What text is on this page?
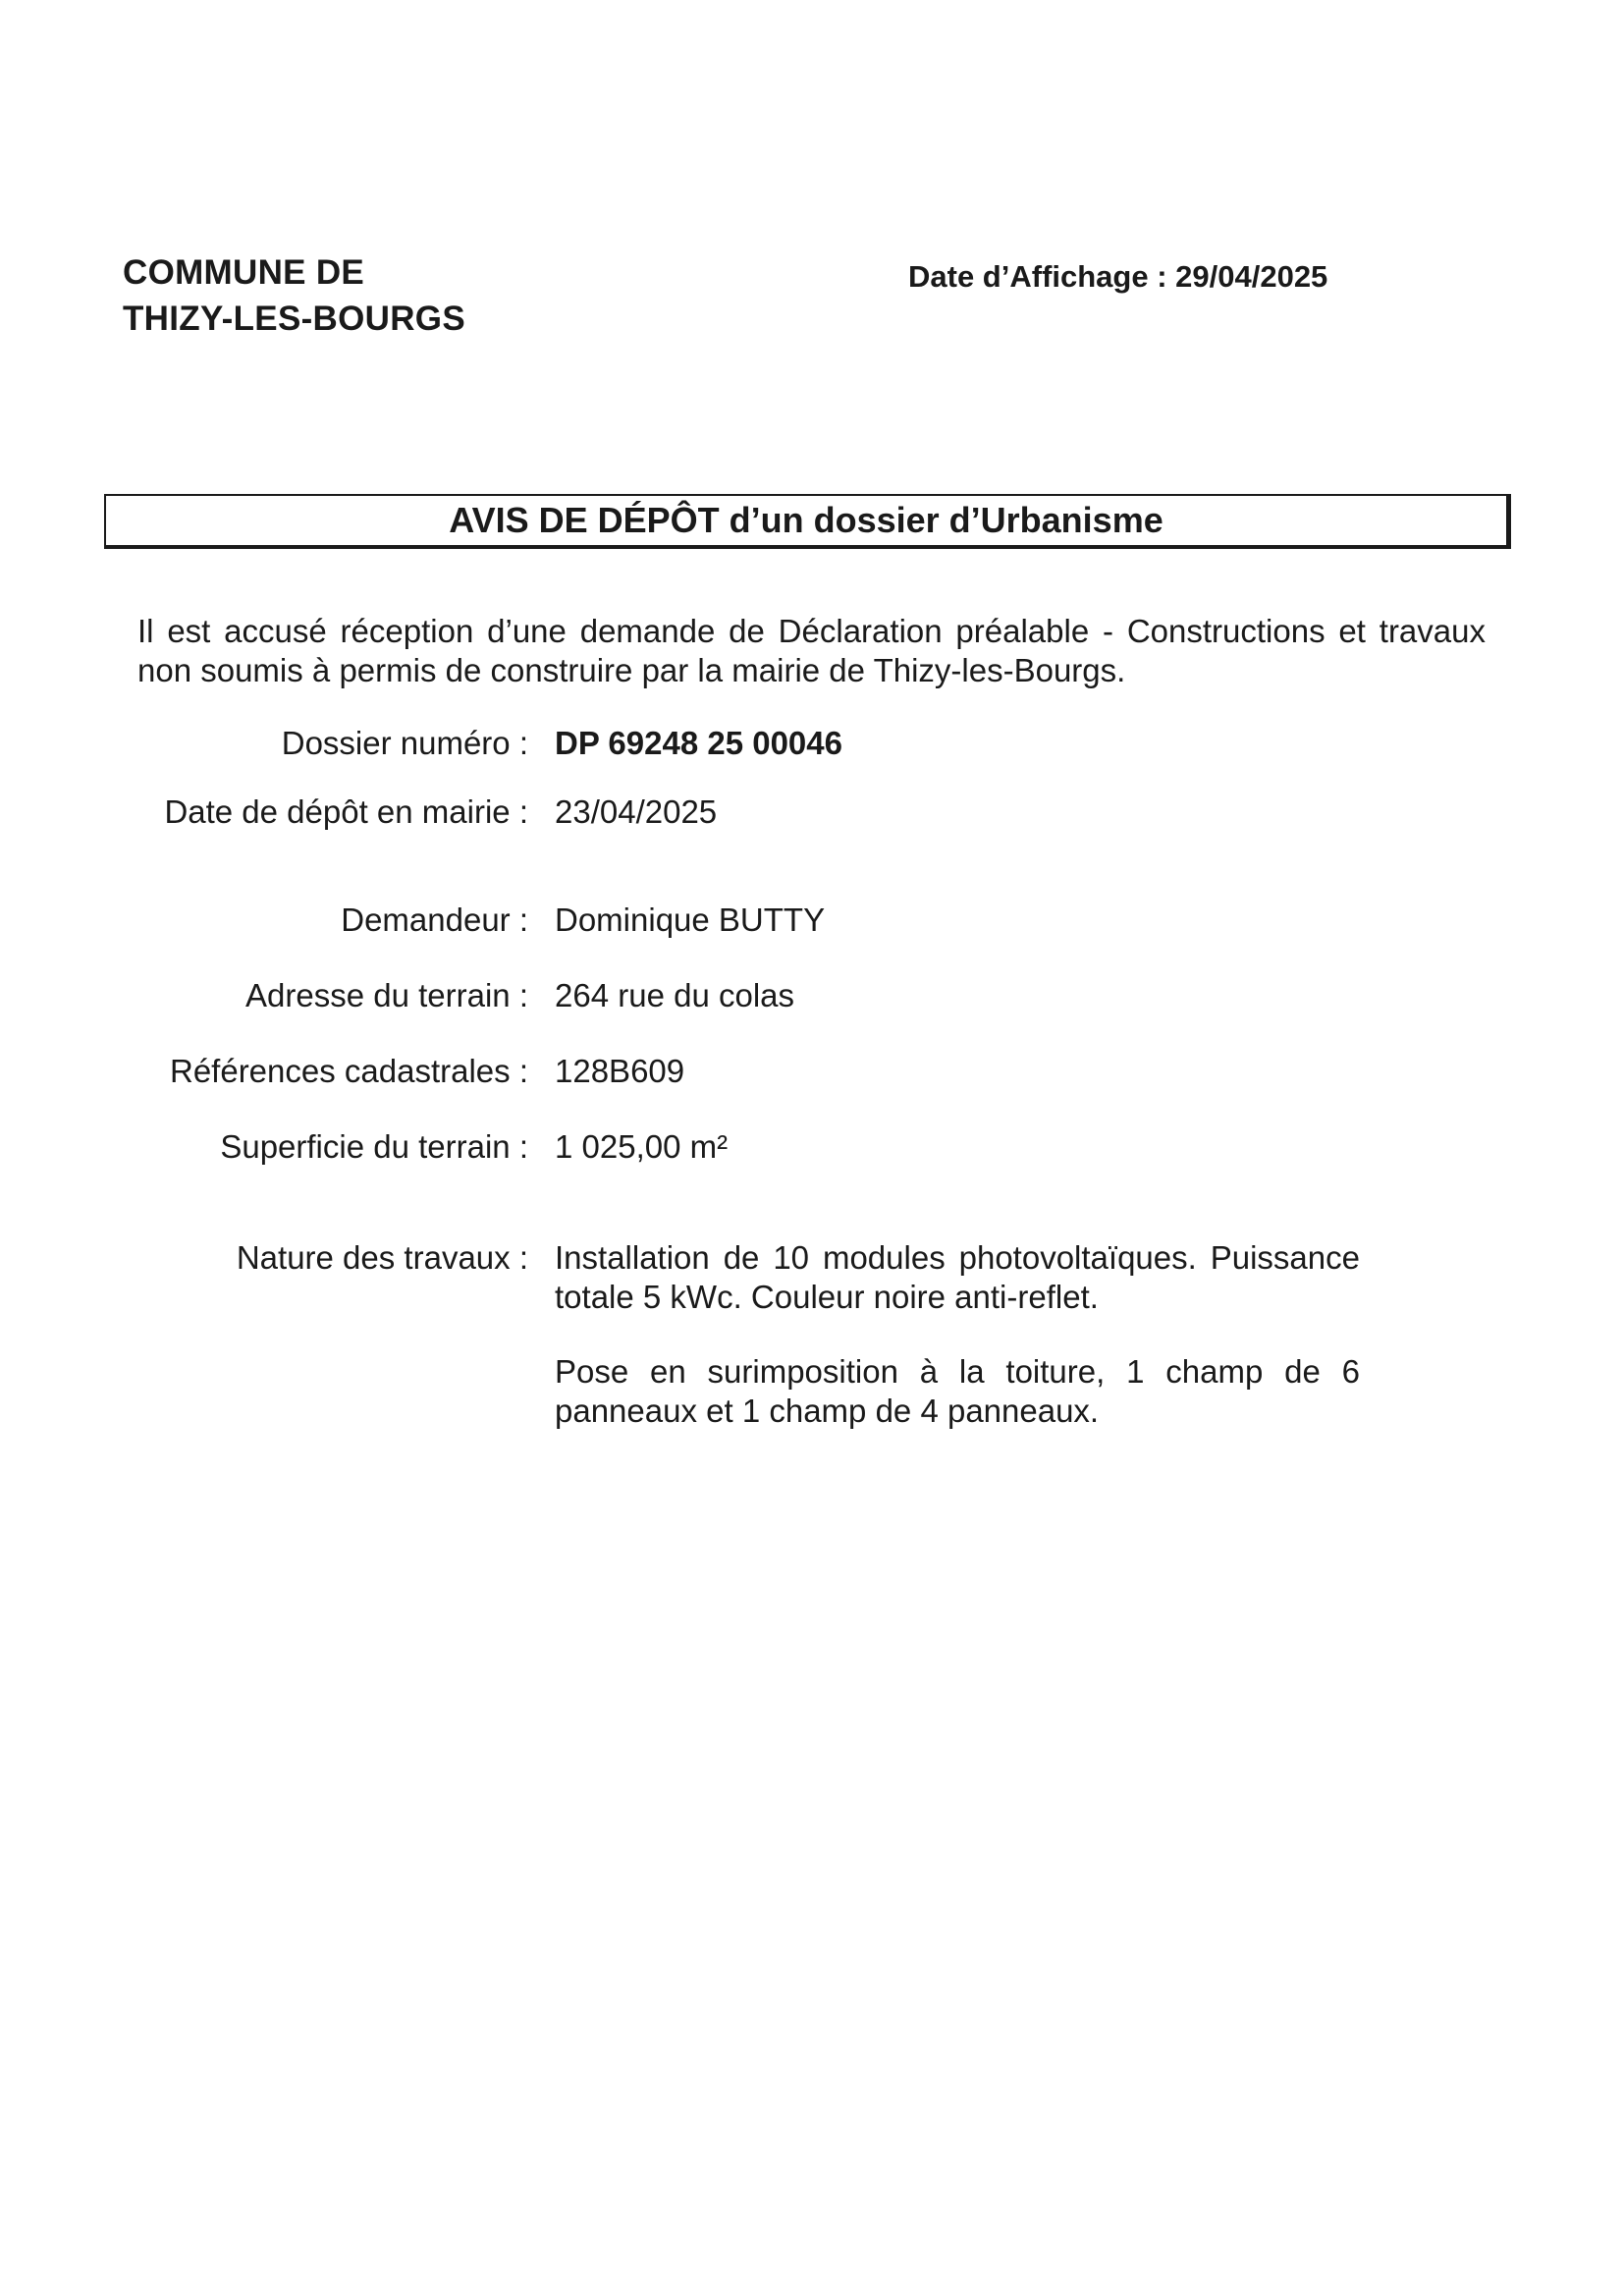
COMMUNE DE
THIZY-LES-BOURGS
Date d’Affichage : 29/04/2025
AVIS DE DÉPÔT d’un dossier d’Urbanisme

Il est accusé réception d’une demande de Déclaration préalable - Constructions et travaux non soumis à permis de construire par la mairie de Thizy-les-Bourgs.

Dossier numéro : DP 69248 25 00046
Date de dépôt en mairie : 23/04/2025
Demandeur : Dominique BUTTY
Adresse du terrain : 264 rue du colas
Références cadastrales : 128B609
Superficie du terrain : 1 025,00 m²
Nature des travaux : Installation de 10 modules photovoltaïques. Puissance totale 5 kWc. Couleur noire anti-reflet.

Pose en surimposition à la toiture, 1 champ de 6 panneaux et 1 champ de 4 panneaux.
